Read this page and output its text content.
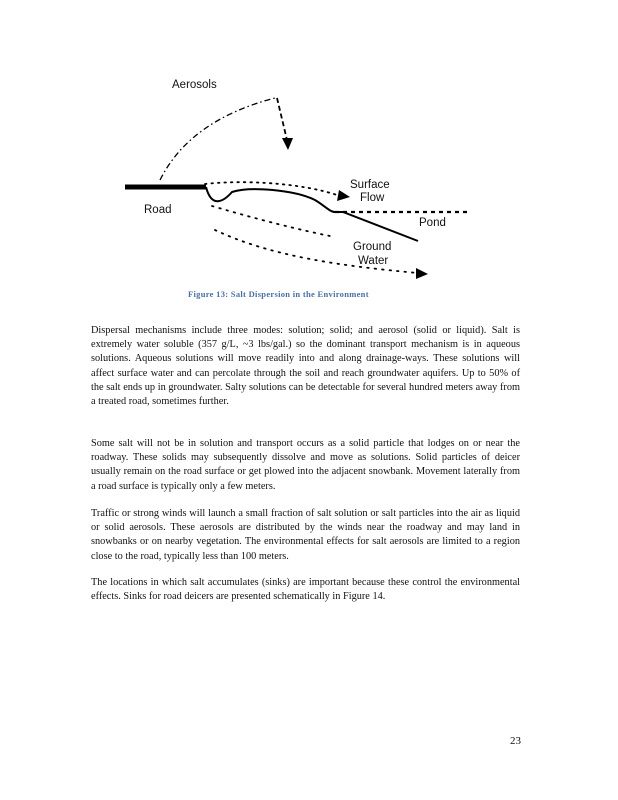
Aerosols
Surface
Flow
Road
Pond
Ground
Water
Figure 13: Salt Dispersion in the Environment

Dispersal mechanisms include three modes: solution; solid; and aerosol (solid or liquid). Salt is extremely water soluble (357 g/L, ~3 lbs/gal.) so the dominant transport mechanism is in aqueous solutions. Aqueous solutions will move readily into and along drainage-ways. These solutions will affect surface water and can percolate through the soil and reach groundwater aquifers. Up to 50% of the salt ends up in groundwater. Salty solutions can be detectable for several hundred meters away from a treated road, sometimes further.

Some salt will not be in solution and transport occurs as a solid particle that lodges on or near the roadway. These solids may subsequently dissolve and move as solutions. Solid particles of deicer usually remain on the road surface or get plowed into the adjacent snowbank. Movement laterally from a road surface is typically only a few meters.

Traffic or strong winds will launch a small fraction of salt solution or salt particles into the air as liquid or solid aerosols. These aerosols are distributed by the winds near the roadway and may land in snowbanks or on nearby vegetation. The environmental effects for salt aerosols are limited to a region close to the road, typically less than 100 meters.

The locations in which salt accumulates (sinks) are important because these control the environmental effects. Sinks for road deicers are presented schematically in Figure 14.

23
